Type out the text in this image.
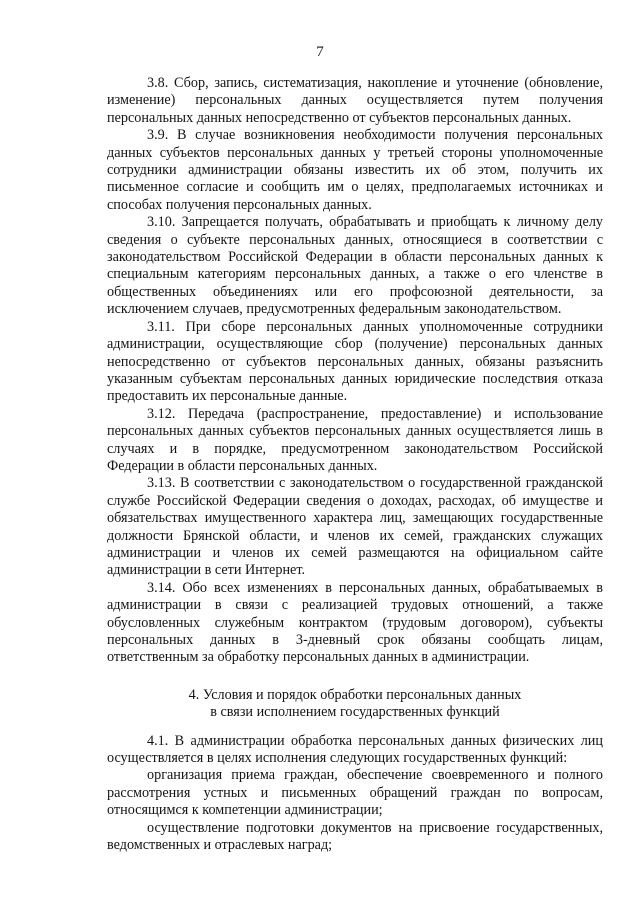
7

3.8. Сбор, запись, систематизация, накопление и уточнение (обновление, изменение) персональных данных осуществляется путем получения персональных данных непосредственно от субъектов персональных данных.

3.9. В случае возникновения необходимости получения персональных данных субъектов персональных данных у третьей стороны уполномоченные сотрудники администрации обязаны известить их об этом, получить их письменное согласие и сообщить им о целях, предполагаемых источниках и способах получения персональных данных.

3.10. Запрещается получать, обрабатывать и приобщать к личному делу сведения о субъекте персональных данных, относящиеся в соответствии с законодательством Российской Федерации в области персональных данных к специальным категориям персональных данных, а также о его членстве в общественных объединениях или его профсоюзной деятельности, за исключением случаев, предусмотренных федеральным законодательством.

3.11. При сборе персональных данных уполномоченные сотрудники администрации, осуществляющие сбор (получение) персональных данных непосредственно от субъектов персональных данных, обязаны разъяснить указанным субъектам персональных данных юридические последствия отказа предоставить их персональные данные.

3.12. Передача (распространение, предоставление) и использование персональных данных субъектов персональных данных осуществляется лишь в случаях и в порядке, предусмотренном законодательством Российской Федерации в области персональных данных.

3.13. В соответствии с законодательством о государственной гражданской службе Российской Федерации сведения о доходах, расходах, об имуществе и обязательствах имущественного характера лиц, замещающих государственные должности Брянской области, и членов их семей, гражданских служащих администрации и членов их семей размещаются на официальном сайте администрации в сети Интернет.

3.14. Обо всех изменениях в персональных данных, обрабатываемых в администрации в связи с реализацией трудовых отношений, а также обусловленных служебным контрактом (трудовым договором), субъекты персональных данных в 3-дневный срок обязаны сообщать лицам, ответственным за обработку персональных данных в администрации.

4. Условия и порядок обработки персональных данных
в связи исполнением государственных функций

4.1. В администрации обработка персональных данных физических лиц осуществляется в целях исполнения следующих государственных функций:

организация приема граждан, обеспечение своевременного и полного рассмотрения устных и письменных обращений граждан по вопросам, относящимся к компетенции администрации;

осуществление подготовки документов на присвоение государственных, ведомственных и отраслевых наград;
